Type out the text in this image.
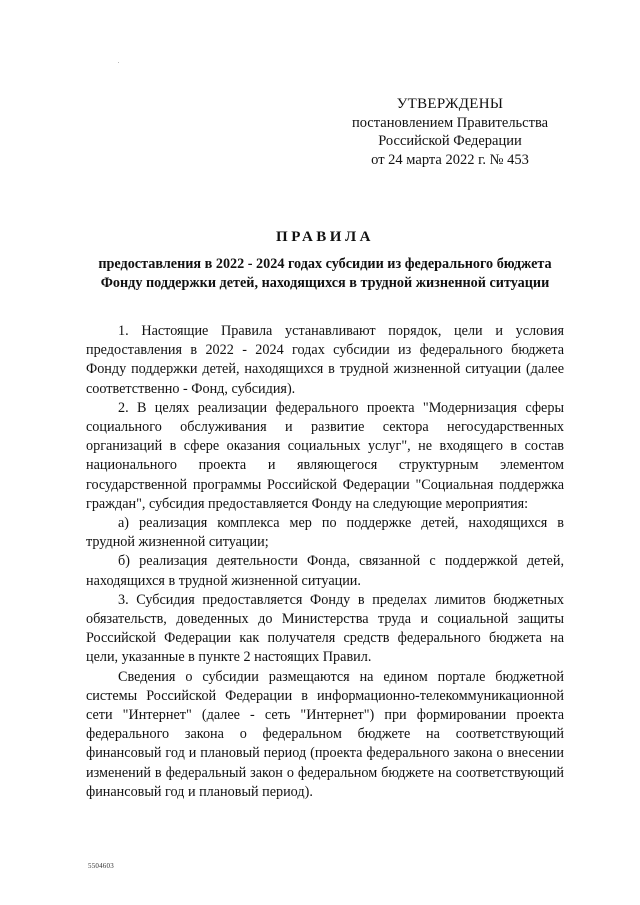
УТВЕРЖДЕНЫ
постановлением Правительства
Российской Федерации
от 24 марта 2022 г. № 453
ПРАВИЛА
предоставления в 2022 - 2024 годах субсидии из федерального бюджета
Фонду поддержки детей, находящихся в трудной жизненной ситуации

1. Настоящие Правила устанавливают порядок, цели и условия предоставления в 2022 - 2024 годах субсидии из федерального бюджета Фонду поддержки детей, находящихся в трудной жизненной ситуации (далее соответственно - Фонд, субсидия).

2. В целях реализации федерального проекта "Модернизация сферы социального обслуживания и развитие сектора негосударственных организаций в сфере оказания социальных услуг", не входящего в состав национального проекта и являющегося структурным элементом государственной программы Российской Федерации "Социальная поддержка граждан", субсидия предоставляется Фонду на следующие мероприятия:

а) реализация комплекса мер по поддержке детей, находящихся в трудной жизненной ситуации;

б) реализация деятельности Фонда, связанной с поддержкой детей, находящихся в трудной жизненной ситуации.

3. Субсидия предоставляется Фонду в пределах лимитов бюджетных обязательств, доведенных до Министерства труда и социальной защиты Российской Федерации как получателя средств федерального бюджета на цели, указанные в пункте 2 настоящих Правил.

Сведения о субсидии размещаются на едином портале бюджетной системы Российской Федерации в информационно-телекоммуникационной сети "Интернет" (далее - сеть "Интернет") при формировании проекта федерального закона о федеральном бюджете на соответствующий финансовый год и плановый период (проекта федерального закона о внесении изменений в федеральный закон о федеральном бюджете на соответствующий финансовый год и плановый период).

5504603
